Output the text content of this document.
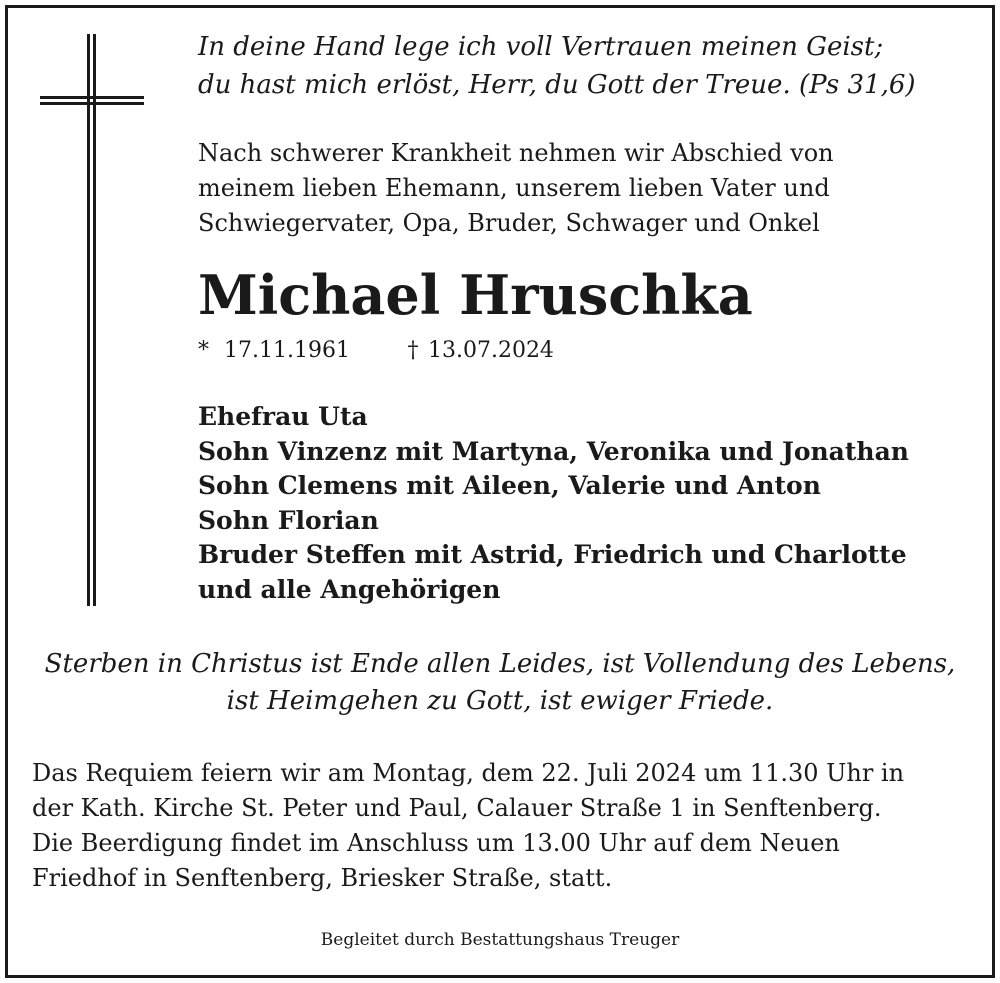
In deine Hand lege ich voll Vertrauen meinen Geist;
du hast mich erlöst, Herr, du Gott der Treue. (Ps 31,6)
Nach schwerer Krankheit nehmen wir Abschied von
meinem lieben Ehemann, unserem lieben Vater und
Schwiegervater, Opa, Bruder, Schwager und Onkel
Michael Hruschka
* 17.11.1961	† 13.07.2024
Ehefrau Uta
Sohn Vinzenz mit Martyna, Veronika und Jonathan
Sohn Clemens mit Aileen, Valerie und Anton
Sohn Florian
Bruder Steffen mit Astrid, Friedrich und Charlotte
und alle Angehörigen
Sterben in Christus ist Ende allen Leides, ist Vollendung des Lebens,
ist Heimgehen zu Gott, ist ewiger Friede.
Das Requiem feiern wir am Montag, dem 22. Juli 2024 um 11.30 Uhr in
der Kath. Kirche St. Peter und Paul, Calauer Straße 1 in Senftenberg.
Die Beerdigung findet im Anschluss um 13.00 Uhr auf dem Neuen
Friedhof in Senftenberg, Briesker Straße, statt.
Begleitet durch Bestattungshaus Treuger
